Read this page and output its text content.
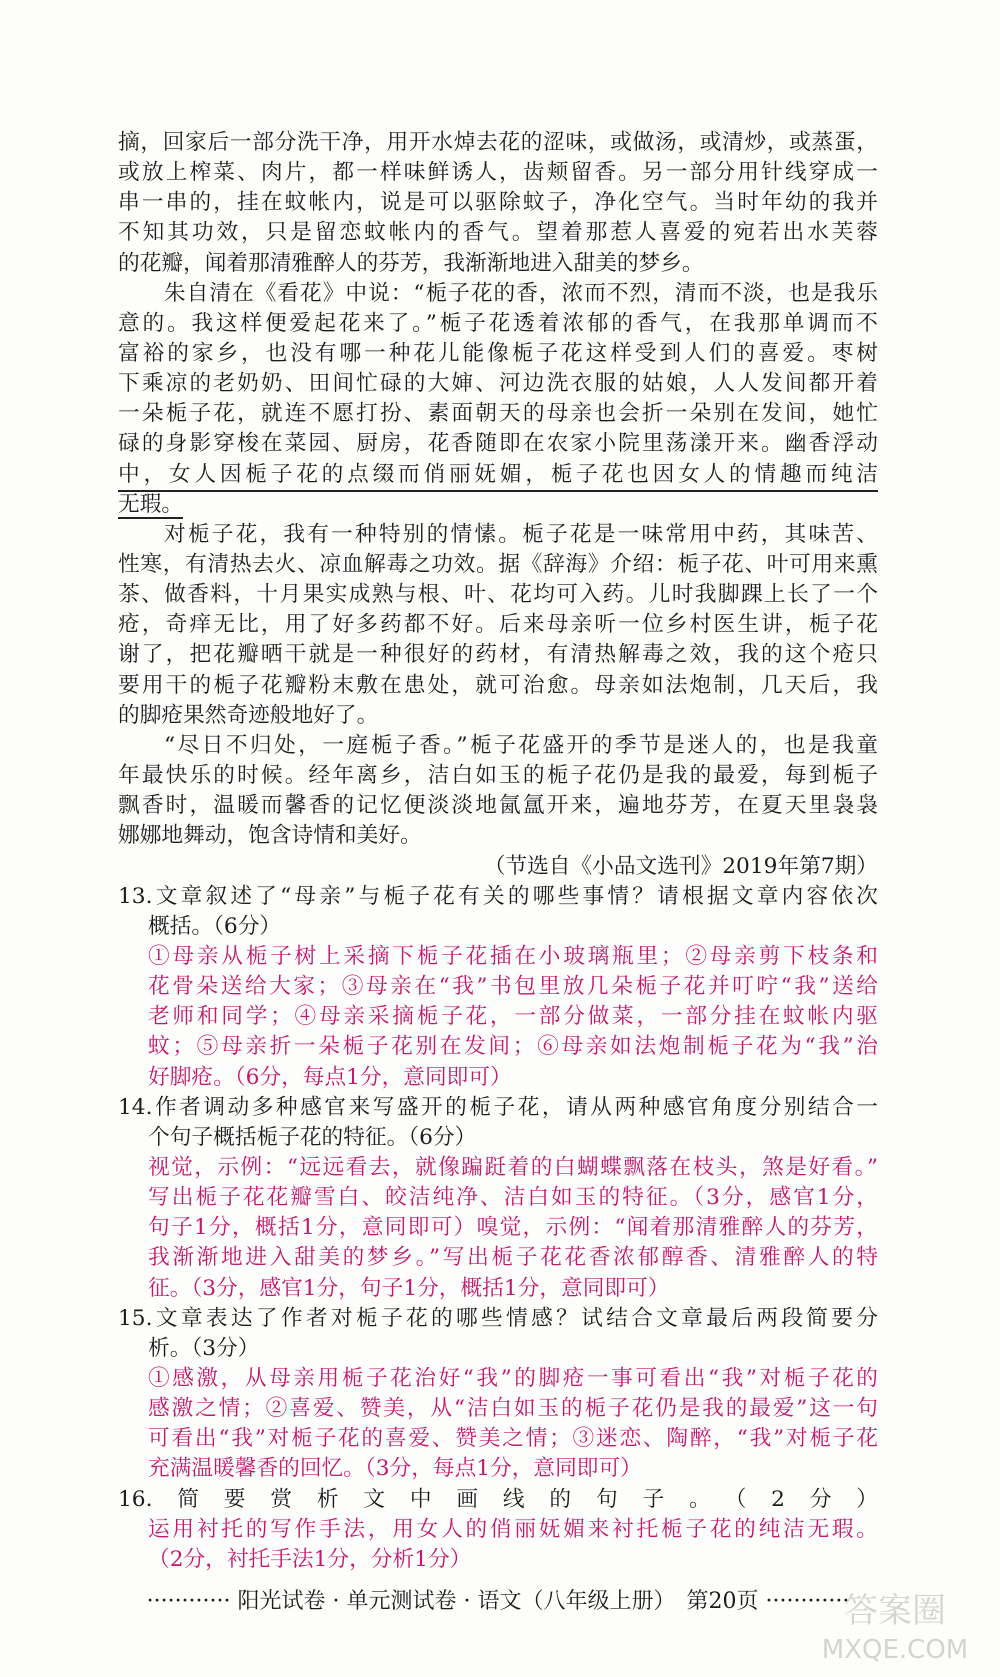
摘，回家后一部分洗干净，用开水焯去花的涩味，或做汤，或清炒，或蒸蛋，
或放上榨菜、肉片，都一样味鲜诱人，齿颊留香。另一部分用针线穿成一
串一串的，挂在蚊帐内，说是可以驱除蚊子，净化空气。当时年幼的我并
不知其功效，只是留恋蚊帐内的香气。望着那惹人喜爱的宛若出水芙蓉
的花瓣，闻着那清雅醉人的芬芳，我渐渐地进入甜美的梦乡。
朱自清在《看花》中说：“栀子花的香，浓而不烈，清而不淡，也是我乐
意的。我这样便爱起花来了。”栀子花透着浓郁的香气，在我那单调而不
富裕的家乡，也没有哪一种花儿能像栀子花这样受到人们的喜爱。枣树
下乘凉的老奶奶、田间忙碌的大婶、河边洗衣服的姑娘，人人发间都开着
一朵栀子花，就连不愿打扮、素面朝天的母亲也会折一朵别在发间，她忙
碌的身影穿梭在菜园、厨房，花香随即在农家小院里荡漾开来。幽香浮动
中，女人因栀子花的点缀而俏丽妩媚，栀子花也因女人的情趣而纯洁
无瑕。
对栀子花，我有一种特别的情愫。栀子花是一味常用中药，其味苦、
性寒，有清热去火、凉血解毒之功效。据《辞海》介绍：栀子花、叶可用来熏
茶、做香料，十月果实成熟与根、叶、花均可入药。儿时我脚踝上长了一个
疮，奇痒无比，用了好多药都不好。后来母亲听一位乡村医生讲，栀子花
谢了，把花瓣晒干就是一种很好的药材，有清热解毒之效，我的这个疮只
要用干的栀子花瓣粉末敷在患处，就可治愈。母亲如法炮制，几天后，我
的脚疮果然奇迹般地好了。
“尽日不归处，一庭栀子香。”栀子花盛开的季节是迷人的，也是我童
年最快乐的时候。经年离乡，洁白如玉的栀子花仍是我的最爱，每到栀子
飘香时，温暖而馨香的记忆便淡淡地氤氲开来，遍地芬芳，在夏天里袅袅
娜娜地舞动，饱含诗情和美好。
（节选自《小品文选刊》2019年第7期）
13.文章叙述了“母亲”与栀子花有关的哪些事情？请根据文章内容依次
概括。（6分）
①母亲从栀子树上采摘下栀子花插在小玻璃瓶里；②母亲剪下枝条和
花骨朵送给大家；③母亲在“我”书包里放几朵栀子花并叮咛“我”送给
老师和同学；④母亲采摘栀子花，一部分做菜，一部分挂在蚊帐内驱
蚊；⑤母亲折一朵栀子花别在发间；⑥母亲如法炮制栀子花为“我”治
好脚疮。（6分，每点1分，意同即可）
14.作者调动多种感官来写盛开的栀子花，请从两种感官角度分别结合一
个句子概括栀子花的特征。（6分）
视觉，示例：“远远看去，就像蹁跹着的白蝴蝶飘落在枝头，煞是好看。”
写出栀子花花瓣雪白、皎洁纯净、洁白如玉的特征。（3分，感官1分，
句子1分，概括1分，意同即可）嗅觉，示例：“闻着那清雅醉人的芬芳，
我渐渐地进入甜美的梦乡。”写出栀子花花香浓郁醇香、清雅醉人的特
征。（3分，感官1分，句子1分，概括1分，意同即可）
15.文章表达了作者对栀子花的哪些情感？试结合文章最后两段简要分
析。（3分）
①感激，从母亲用栀子花治好“我”的脚疮一事可看出“我”对栀子花的
感激之情；②喜爱、赞美，从“洁白如玉的栀子花仍是我的最爱”这一句
可看出“我”对栀子花的喜爱、赞美之情；③迷恋、陶醉，“我”对栀子花
充满温暖馨香的回忆。（3分，每点1分，意同即可）
16.简要赏析文中画线的句子。（2分）
运用衬托的写作手法，用女人的俏丽妩媚来衬托栀子花的纯洁无瑕。
（2分，衬托手法1分，分析1分）
············ 阳光试卷 · 单元测试卷 · 语文（八年级上册）　第20页 ············
答案圈
MXQE.COM
